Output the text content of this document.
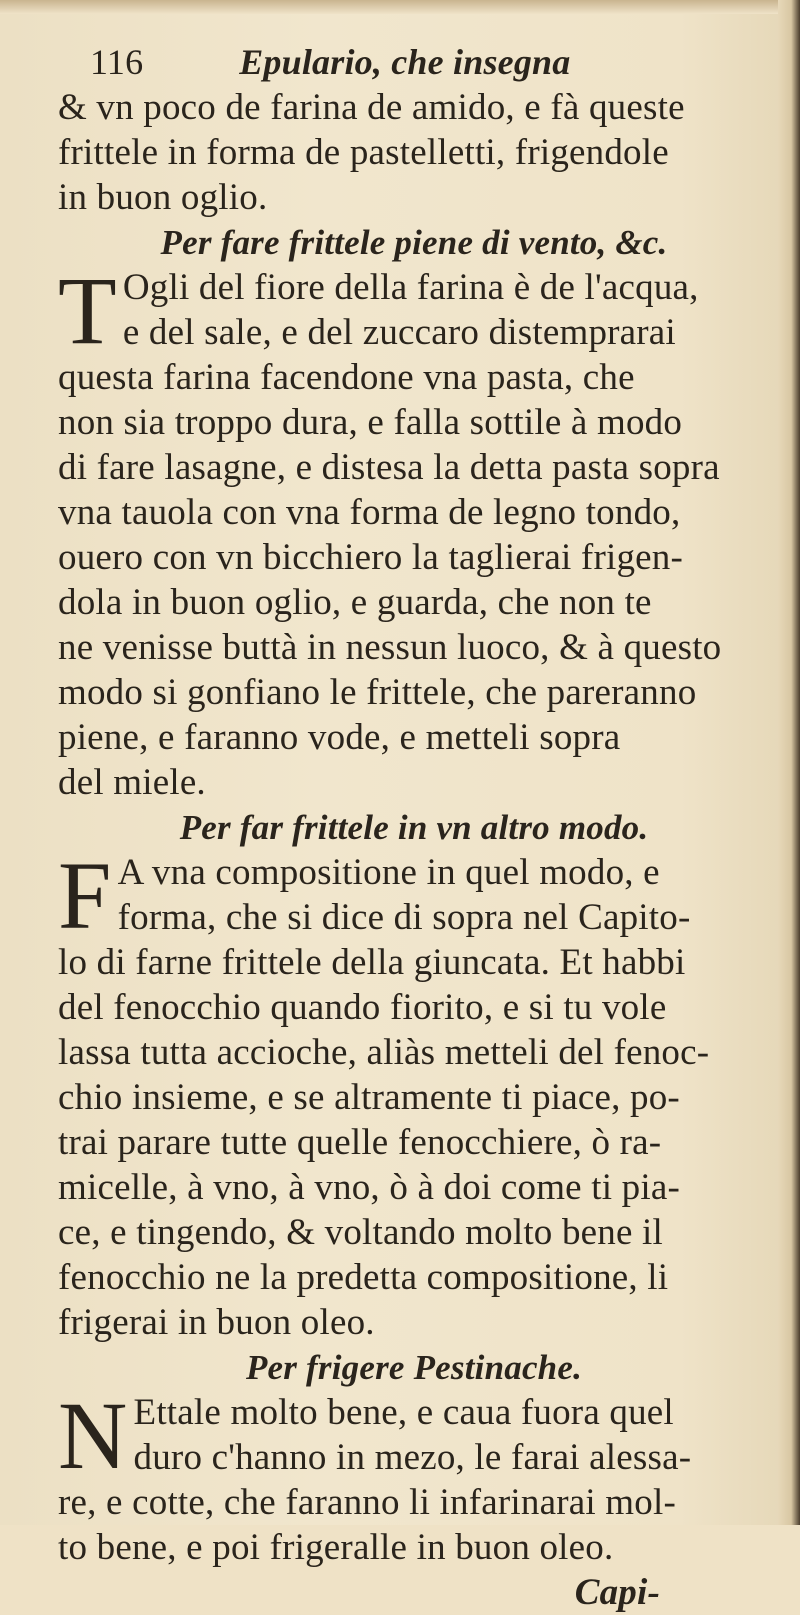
116	Epulario, che insegna
& vn poco de farina de amido, e fà queste
frittele in forma de pastelletti, frigendole
in buon oglio.
Per fare frittele piene di vento, &c.
T Ogli del fiore della farina è de l'acqua,
e del sale, e del zuccaro distemprarai
questa farina facendone vna pasta, che
non sia troppo dura, e falla sottile à modo
di fare lasagne, e distesa la detta pasta sopra
vna tauola con vna forma de legno tondo,
ouero con vn bicchiero la taglierai frigen-
dola in buon oglio, e guarda, che non te
ne venisse buttà in nessun luoco, & à questo
modo si gonfiano le frittele, che pareranno
piene, e faranno vode, e metteli sopra
del miele.
Per far frittele in vn altro modo.
F A vna compositione in quel modo, e
forma, che si dice di sopra nel Capito-
lo di farne frittele della giuncata. Et habbi
del fenocchio quando fiorito, e si tu vole
lassa tutta accioche, aliàs metteli del fenoc-
chio insieme, e se altramente ti piace, po-
trai parare tutte quelle fenocchiere, ò ra-
micelle, à vno, à vno, ò à doi come ti pia-
ce, e tingendo, & voltando molto bene il
fenocchio ne la predetta compositione, li
frigerai in buon oleo.
Per frigere Pestinache.
N Ettale molto bene, e caua fuora quel
duro c'hanno in mezo, le farai alessa-
re, e cotte, che faranno li infarinarai mol-
to bene, e poi frigeralle in buon oleo.
Capi-
